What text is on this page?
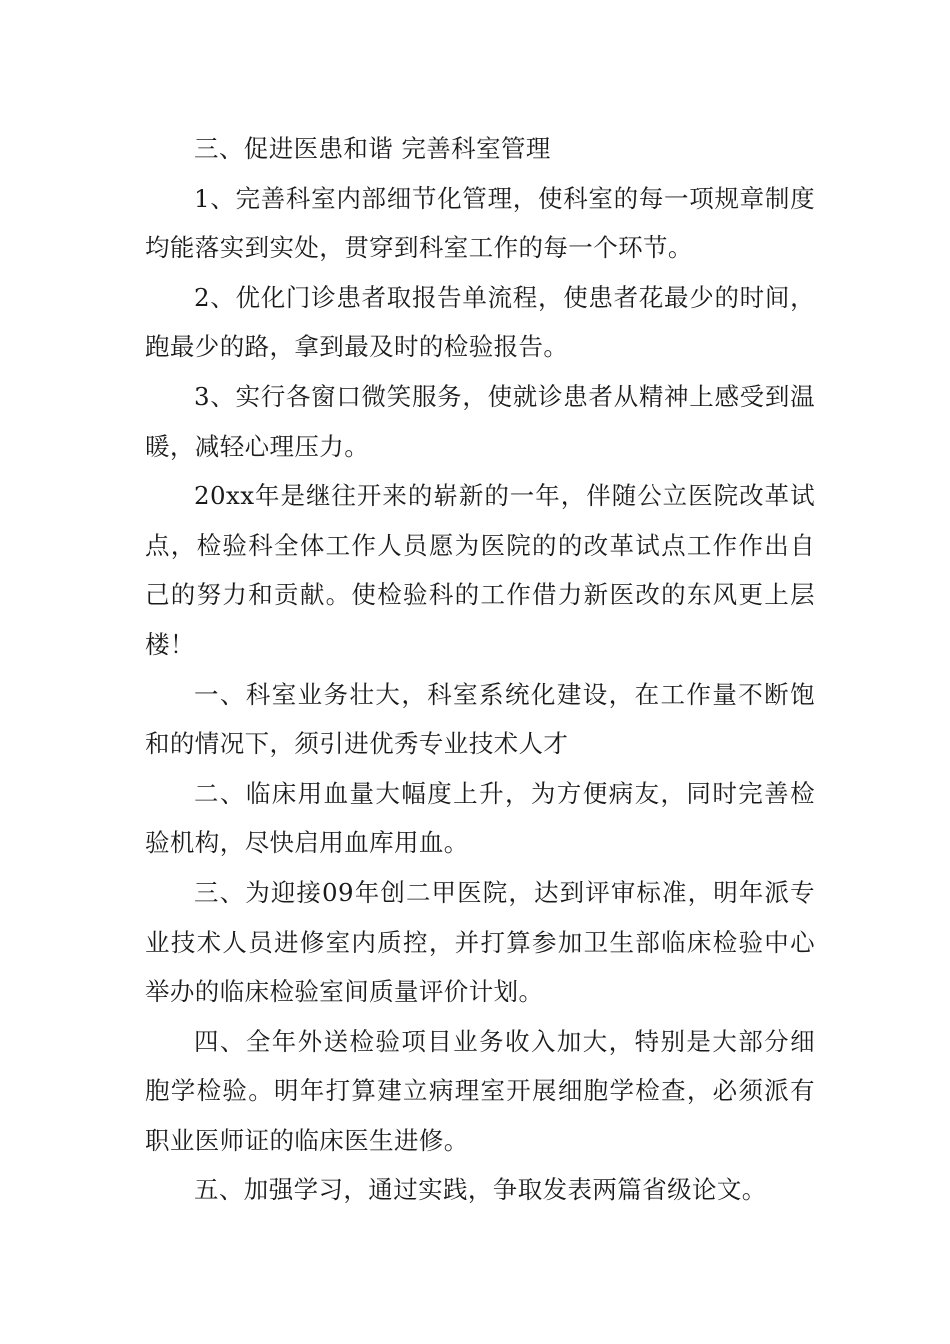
三、促进医患和谐 完善科室管理

1、完善科室内部细节化管理，使科室的每一项规章制度均能落实到实处，贯穿到科室工作的每一个环节。

2、优化门诊患者取报告单流程，使患者花最少的时间，跑最少的路，拿到最及时的检验报告。

3、实行各窗口微笑服务，使就诊患者从精神上感受到温暖，减轻心理压力。

20xx年是继往开来的崭新的一年，伴随公立医院改革试点，检验科全体工作人员愿为医院的的改革试点工作作出自己的努力和贡献。使检验科的工作借力新医改的东风更上层楼！

一、科室业务壮大，科室系统化建设，在工作量不断饱和的情况下，须引进优秀专业技术人才

二、临床用血量大幅度上升，为方便病友，同时完善检验机构，尽快启用血库用血。

三、为迎接09年创二甲医院，达到评审标准，明年派专业技术人员进修室内质控，并打算参加卫生部临床检验中心举办的临床检验室间质量评价计划。

四、全年外送检验项目业务收入加大，特别是大部分细胞学检验。明年打算建立病理室开展细胞学检查，必须派有职业医师证的临床医生进修。

五、加强学习，通过实践，争取发表两篇省级论文。
